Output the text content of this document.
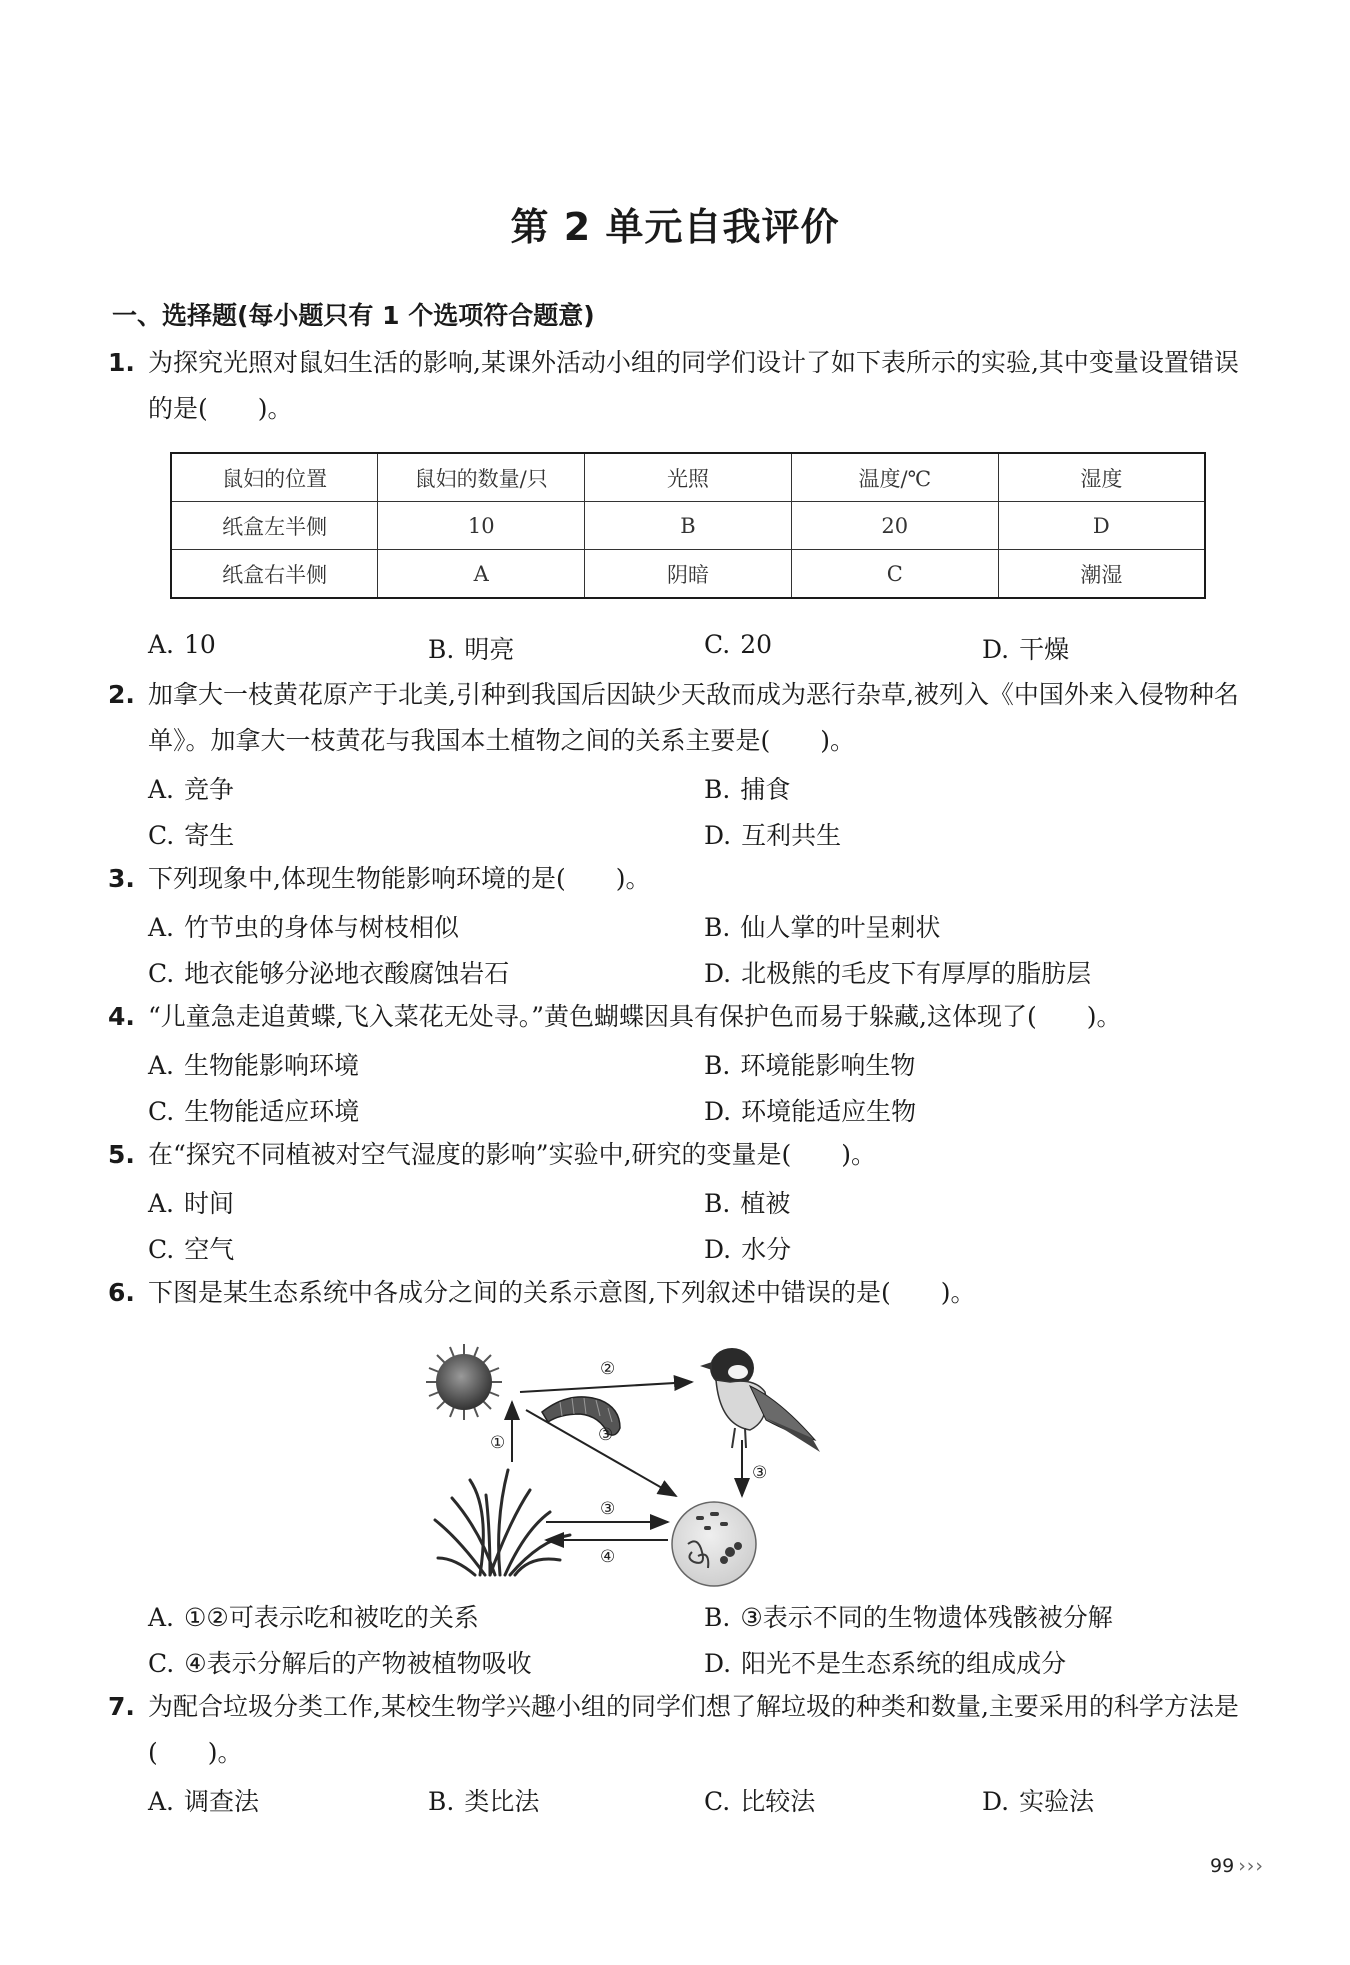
第 2 单元自我评价
一、选择题(每小题只有 1 个选项符合题意)
1. 为探究光照对鼠妇生活的影响,某课外活动小组的同学们设计了如下表所示的实验,其中变量设置错误的是(　　)。
鼠妇的位置	鼠妇的数量/只	光照	温度/℃	湿度
纸盒左半侧	10	B	20	D
纸盒右半侧	A	阴暗	C	潮湿
A. 10	B. 明亮	C. 20	D. 干燥
2. 加拿大一枝黄花原产于北美,引种到我国后因缺少天敌而成为恶行杂草,被列入《中国外来入侵物种名单》。加拿大一枝黄花与我国本土植物之间的关系主要是(　　)。
A. 竞争	B. 捕食
C. 寄生	D. 互利共生
3. 下列现象中,体现生物能影响环境的是(　　)。
A. 竹节虫的身体与树枝相似	B. 仙人掌的叶呈刺状
C. 地衣能够分泌地衣酸腐蚀岩石	D. 北极熊的毛皮下有厚厚的脂肪层
4. “儿童急走追黄蝶,飞入菜花无处寻。”黄色蝴蝶因具有保护色而易于躲藏,这体现了(　　)。
A. 生物能影响环境	B. 环境能影响生物
C. 生物能适应环境	D. 环境能适应生物
5. 在“探究不同植被对空气湿度的影响”实验中,研究的变量是(　　)。
A. 时间	B. 植被
C. 空气	D. 水分
6. 下图是某生态系统中各成分之间的关系示意图,下列叙述中错误的是(　　)。
①
②
③
③
③
④
A. ①②可表示吃和被吃的关系	B. ③表示不同的生物遗体残骸被分解
C. ④表示分解后的产物被植物吸收	D. 阳光不是生态系统的组成成分
7. 为配合垃圾分类工作,某校生物学兴趣小组的同学们想了解垃圾的种类和数量,主要采用的科学方法是(　　)。
A. 调查法	B. 类比法	C. 比较法	D. 实验法
99 ›››
